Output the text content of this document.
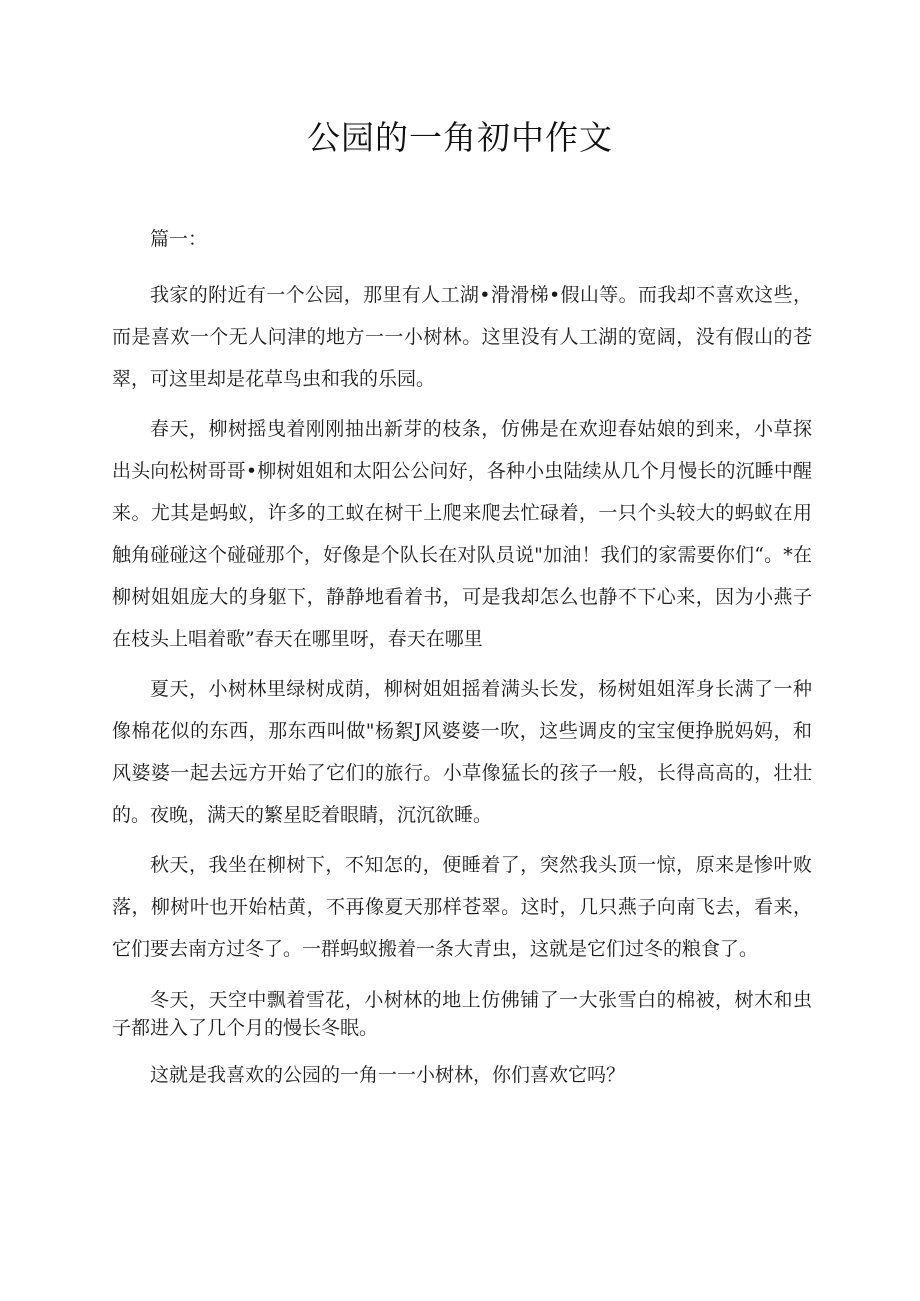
公园的一角初中作文

篇一：

我家的附近有一个公园，那里有人工湖•滑滑梯•假山等。而我却不喜欢这些，而是喜欢一个无人问津的地方一一小树林。这里没有人工湖的宽阔，没有假山的苍翠，可这里却是花草鸟虫和我的乐园。

春天，柳树摇曳着刚刚抽出新芽的枝条，仿佛是在欢迎春姑娘的到来，小草探出头向松树哥哥•柳树姐姐和太阳公公问好，各种小虫陆续从几个月慢长的沉睡中醒来。尤其是蚂蚁，许多的工蚁在树干上爬来爬去忙碌着，一只个头较大的蚂蚁在用触角碰碰这个碰碰那个，好像是个队长在对队员说"加油！我们的家需要你们“。*在柳树姐姐庞大的身躯下，静静地看着书，可是我却怎么也静不下心来，因为小燕子在枝头上唱着歌”春天在哪里呀，春天在哪里

夏天，小树林里绿树成荫，柳树姐姐摇着满头长发，杨树姐姐浑身长满了一种像棉花似的东西，那东西叫做"杨絮J风婆婆一吹，这些调皮的宝宝便挣脱妈妈，和风婆婆一起去远方开始了它们的旅行。小草像猛长的孩子一般，长得高高的，壮壮的。夜晚，满天的繁星眨着眼睛，沉沉欲睡。

秋天，我坐在柳树下，不知怎的，便睡着了，突然我头顶一惊，原来是惨叶败落，柳树叶也开始枯黄，不再像夏天那样苍翠。这时，几只燕子向南飞去，看来，它们要去南方过冬了。一群蚂蚁搬着一条大青虫，这就是它们过冬的粮食了。

冬天，天空中飘着雪花，小树林的地上仿佛铺了一大张雪白的棉被，树木和虫子都进入了几个月的慢长冬眠。

这就是我喜欢的公园的一角一一小树林，你们喜欢它吗？
